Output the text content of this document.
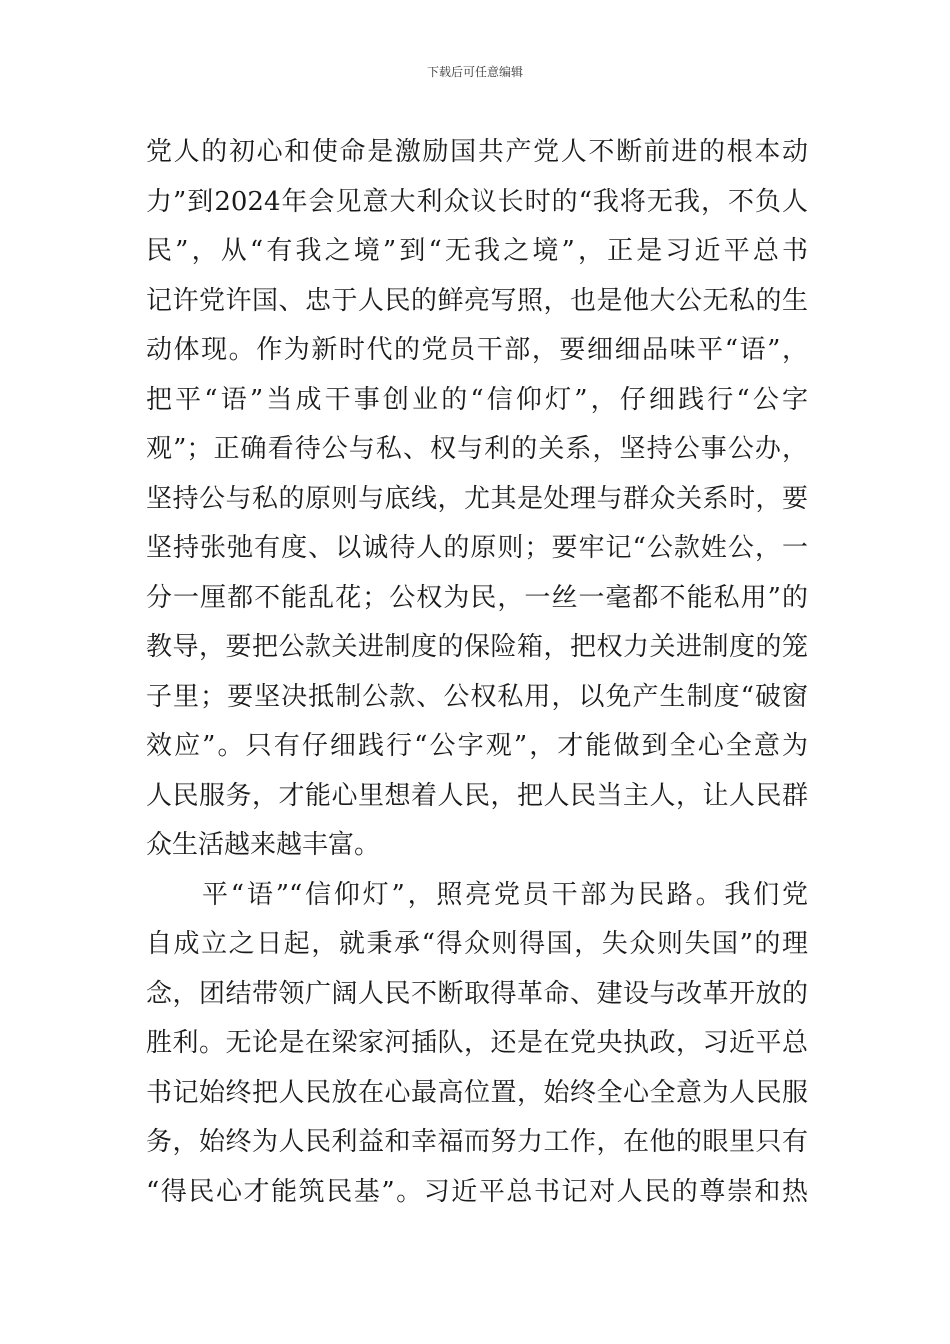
下载后可任意编辑
党人的初心和使命是激励国共产党人不断前进的根本动
力”到2024年会见意大利众议长时的“我将无我，不负人
民”，从“有我之境”到“无我之境”，正是习近平总书
记许党许国、忠于人民的鲜亮写照，也是他大公无私的生
动体现。作为新时代的党员干部，要细细品味平“语”，
把平“语”当成干事创业的“信仰灯”，仔细践行“公字
观”；正确看待公与私、权与利的关系，坚持公事公办，
坚持公与私的原则与底线，尤其是处理与群众关系时，要
坚持张弛有度、以诚待人的原则；要牢记“公款姓公，一
分一厘都不能乱花；公权为民，一丝一毫都不能私用”的
教导，要把公款关进制度的保险箱，把权力关进制度的笼
子里；要坚决抵制公款、公权私用，以免产生制度“破窗
效应”。只有仔细践行“公字观”，才能做到全心全意为
人民服务，才能心里想着人民，把人民当主人，让人民群
众生活越来越丰富。
平“语”“信仰灯”，照亮党员干部为民路。我们党
自成立之日起，就秉承“得众则得国，失众则失国”的理
念，团结带领广阔人民不断取得革命、建设与改革开放的
胜利。无论是在梁家河插队，还是在党央执政，习近平总
书记始终把人民放在心最高位置，始终全心全意为人民服
务，始终为人民利益和幸福而努力工作，在他的眼里只有
“得民心才能筑民基”。习近平总书记对人民的尊崇和热
